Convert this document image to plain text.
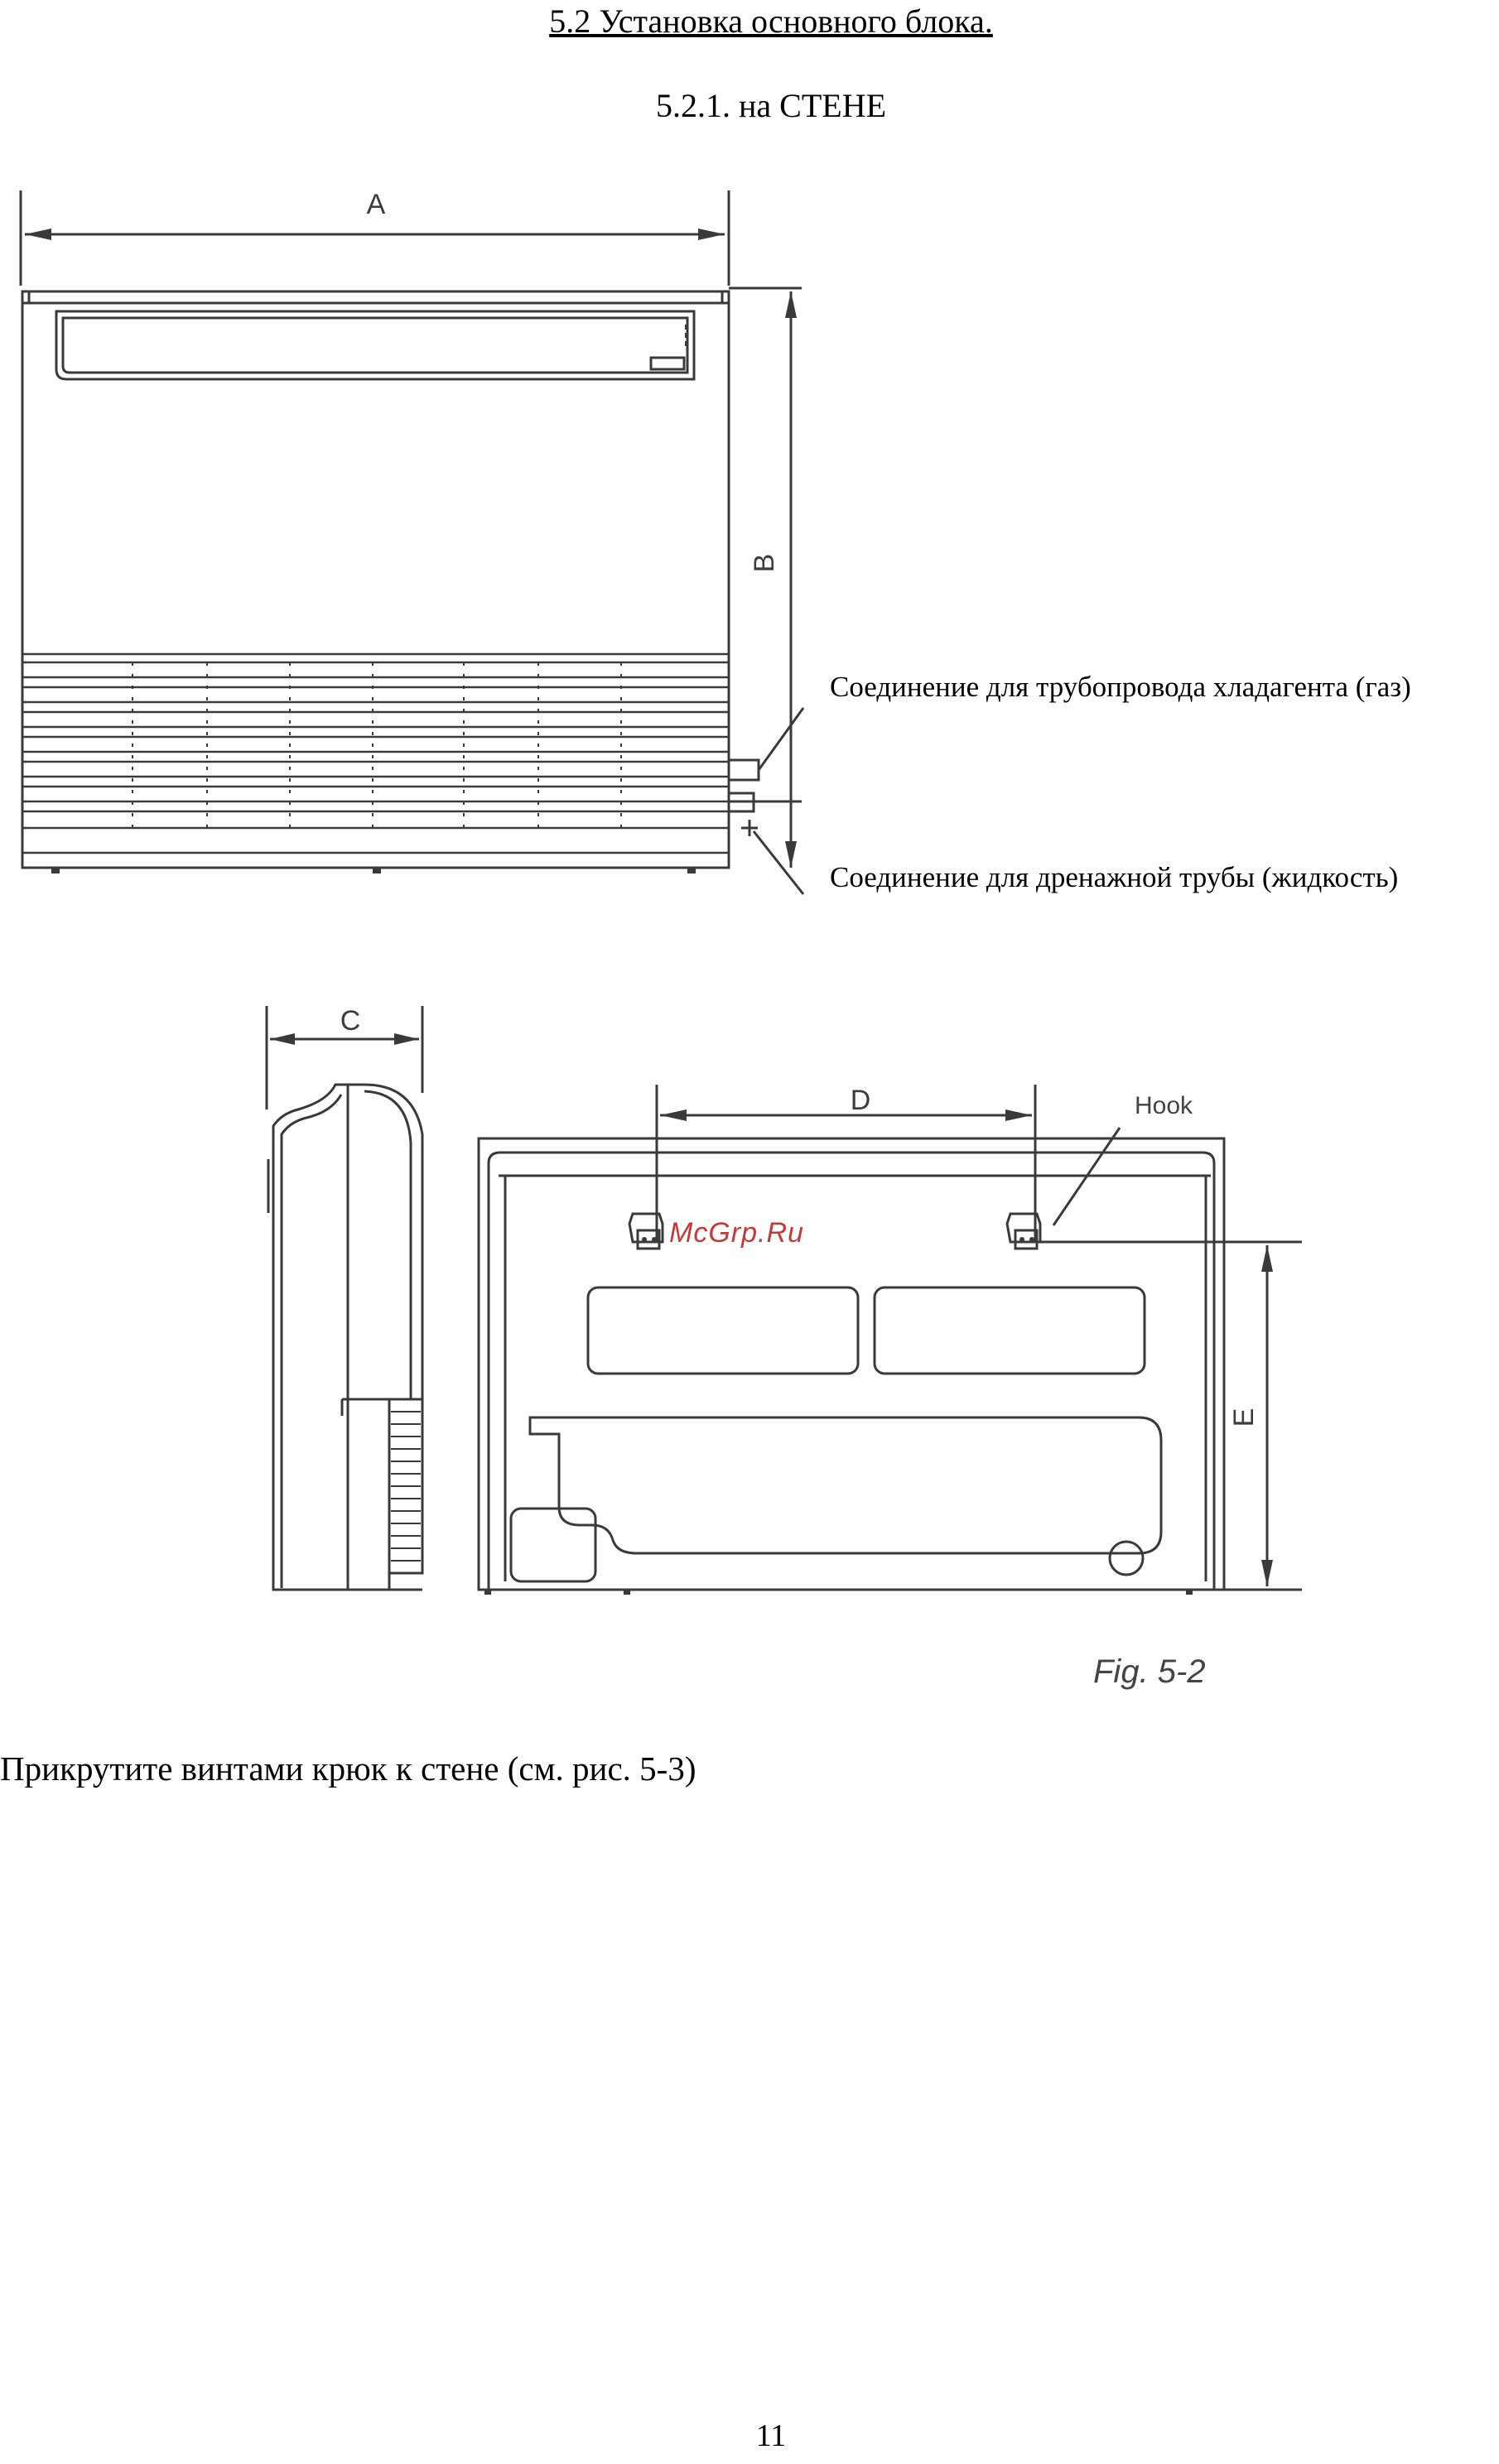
5.2 Установка основного блока.
5.2.1. на СТЕНЕ
A
B
C
D	Hook
E
McGrp.Ru
Fig. 5-2
Соединение для трубопровода хладагента (газ)
Соединение для дренажной трубы (жидкость)
Прикрутите винтами крюк к стене (см. рис. 5-3)
11
